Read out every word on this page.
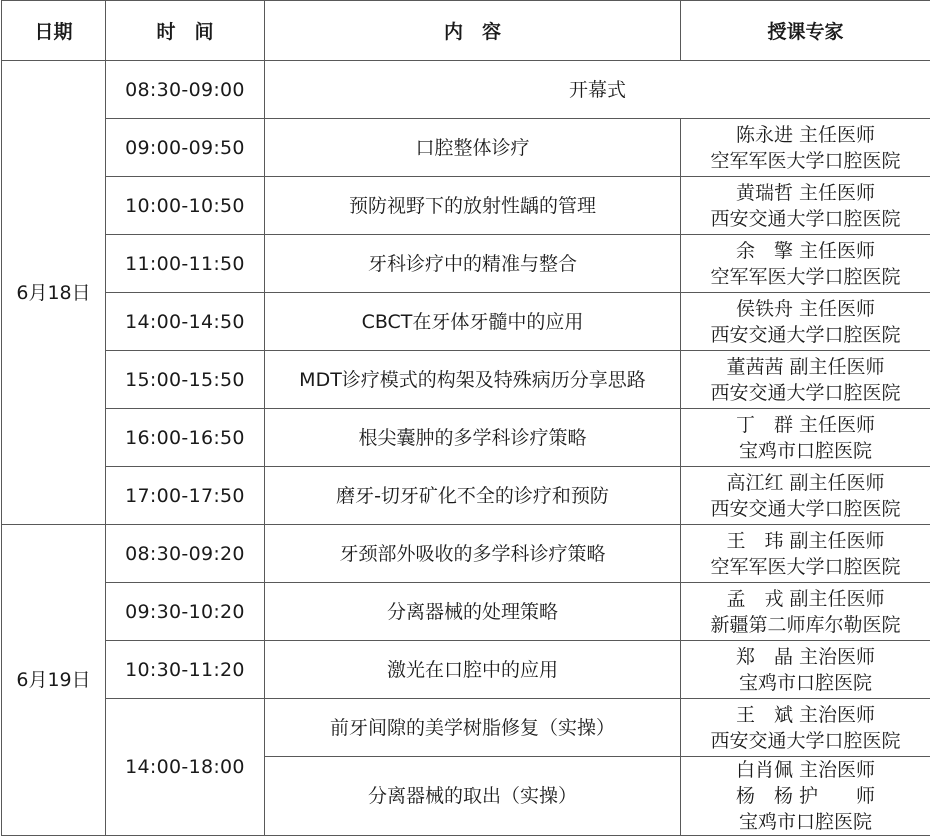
日期	时　间	内　容	授课专家
6月18日	08:30-09:00	开幕式	
	09:00-09:50	口腔整体诊疗	陈永进 主任医师
空军军医大学口腔医院

	10:00-10:50	预防视野下的放射性龋的管理	黄瑞哲 主任医师
西安交通大学口腔医院

	11:00-11:50	牙科诊疗中的精准与整合	余　擎 主任医师
空军军医大学口腔医院

	14:00-14:50	CBCT在牙体牙髓中的应用	侯铁舟 主任医师
西安交通大学口腔医院

	15:00-15:50	MDT诊疗模式的构架及特殊病历分享思路	董茜茜 副主任医师
西安交通大学口腔医院

	16:00-16:50	根尖囊肿的多学科诊疗策略	丁　群 主任医师
宝鸡市口腔医院

	17:00-17:50	磨牙-切牙矿化不全的诊疗和预防	高江红 副主任医师
西安交通大学口腔医院

6月19日	08:30-09:20	牙颈部外吸收的多学科诊疗策略	王　玮 副主任医师
空军军医大学口腔医院

	09:30-10:20	分离器械的处理策略	孟　戎 副主任医师
新疆第二师库尔勒医院

	10:30-11:20	激光在口腔中的应用	郑　晶 主治医师
宝鸡市口腔医院

	14:00-18:00	前牙间隙的美学树脂修复（实操）	王　斌 主治医师
西安交通大学口腔医院

		分离器械的取出（实操）	白肖佩 主治医师
杨　杨 护　　师
宝鸡市口腔医院
